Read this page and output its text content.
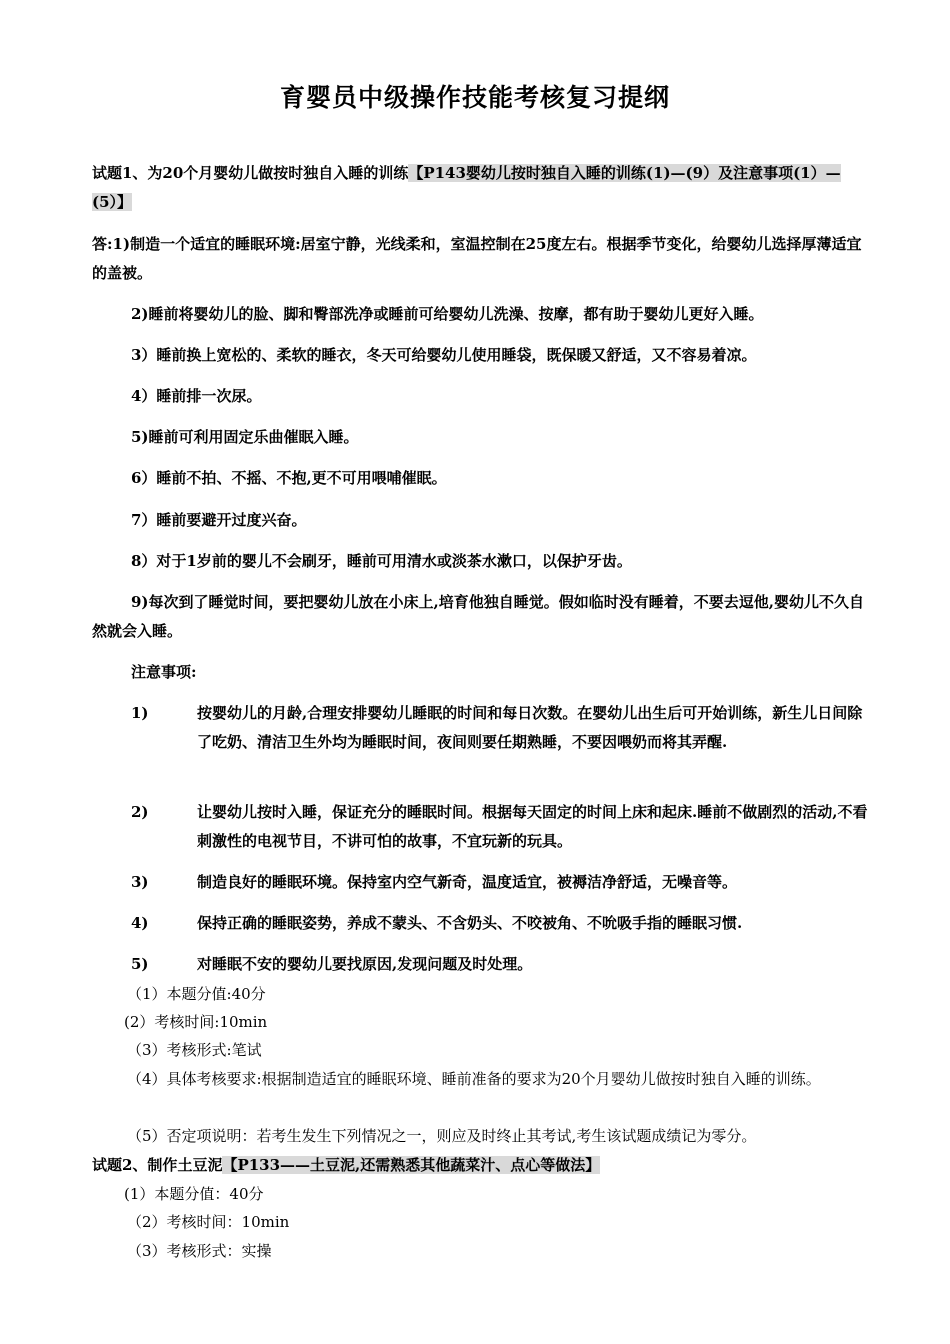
育婴员中级操作技能考核复习提纲
试题1、为20个月婴幼儿做按时独自入睡的训练【P143婴幼儿按时独自入睡的训练(1)—(9）及注意事项(1）—(5）】
答:1)制造一个适宜的睡眠环境:居室宁静，光线柔和，室温控制在25度左右。根据季节变化，给婴幼儿选择厚薄适宜的盖被。
2)睡前将婴幼儿的脸、脚和臀部洗净或睡前可给婴幼儿洗澡、按摩，都有助于婴幼儿更好入睡。
3）睡前换上宽松的、柔软的睡衣，冬天可给婴幼儿使用睡袋，既保暖又舒适，又不容易着凉。
4）睡前排一次尿。
5)睡前可利用固定乐曲催眠入睡。
6）睡前不拍、不摇、不抱,更不可用喂哺催眠。
7）睡前要避开过度兴奋。
8）对于1岁前的婴儿不会刷牙，睡前可用清水或淡茶水漱口，以保护牙齿。
9)每次到了睡觉时间，要把婴幼儿放在小床上,培育他独自睡觉。假如临时没有睡着，不要去逗他,婴幼儿不久自然就会入睡。
注意事项:
1)	按婴幼儿的月龄,合理安排婴幼儿睡眠的时间和每日次数。在婴幼儿出生后可开始训练，新生儿日间除了吃奶、清洁卫生外均为睡眠时间，夜间则要任期熟睡，不要因喂奶而将其弄醒.
2)	让婴幼儿按时入睡，保证充分的睡眠时间。根据每天固定的时间上床和起床.睡前不做剧烈的活动,不看刺激性的电视节目，不讲可怕的故事，不宜玩新的玩具。
3)	制造良好的睡眠环境。保持室内空气新奇，温度适宜，被褥洁净舒适，无噪音等。
4)	保持正确的睡眠姿势，养成不蒙头、不含奶头、不咬被角、不吮吸手指的睡眠习惯.
5)	对睡眠不安的婴幼儿要找原因,发现问题及时处理。
（1）本题分值:40分
(2）考核时间:10min
（3）考核形式:笔试
（4）具体考核要求:根据制造适宜的睡眠环境、睡前准备的要求为20个月婴幼儿做按时独自入睡的训练。
（5）否定项说明：若考生发生下列情况之一，则应及时终止其考试,考生该试题成绩记为零分。
试题2、制作土豆泥【P133——土豆泥,还需熟悉其他蔬菜汁、点心等做法】
(1）本题分值：40分
（2）考核时间：10min
（3）考核形式：实操
